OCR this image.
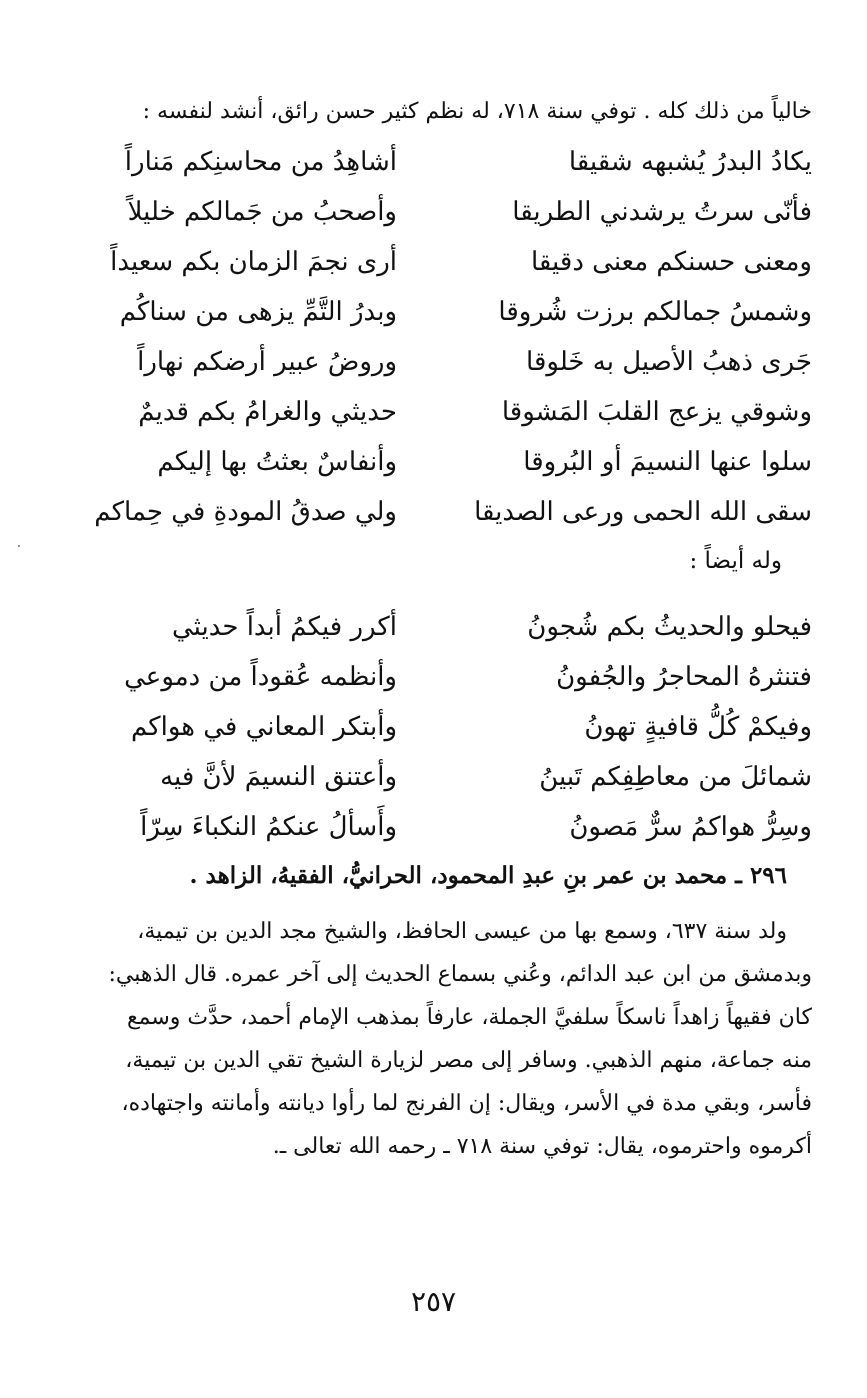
خالياً من ذلك كله . توفي سنة ٧١٨، له نظم كثير حسن رائق، أنشد لنفسه :
أشاهِدُ من محاسنِكم مَناراً	يكادُ البدرُ يُشبهه شقيقا
وأصحبُ من جَمالكم خليلاً	فأنّى سرتُ يرشدني الطريقا
أرى نجمَ الزمان بكم سعيداً	ومعنى حسنكم معنى دقيقا
وبدرُ التَّمِّ يزهى من سناكُم	وشمسُ جمالكم برزت شُروقا
وروضُ عبير أرضكم نهاراً	جَرى ذهبُ الأصيل به خَلوقا
حديثي والغرامُ بكم قديمٌ	وشوقي يزعج القلبَ المَشوقا
وأنفاسٌ بعثتُ بها إليكم	سلوا عنها النسيمَ أو البُروقا
ولي صدقُ المودةِ في حِماكم	سقى الله الحمى ورعى الصديقا
وله أيضاً :
أكرر فيكمُ أبداً حديثي	فيحلو والحديثُ بكم شُجونُ
وأنظمه عُقوداً من دموعي	فتنثرهُ المحاجرُ والجُفونُ
وأبتكر المعاني في هواكم	وفيكمْ كُلُّ قافيةٍ تهونُ
وأعتنق النسيمَ لأنَّ فيه	شمائلَ من معاطِفِكم تَبينُ
وأَسألُ عنكمُ النكباءَ سِرّاً	وسِرُّ هواكمُ سرٌّ مَصونُ
٢٩٦ ـ محمد بن عمر بنِ عبدِ المحمود، الحرانيُّ، الفقيهُ، الزاهد .
ولد سنة ٦٣٧، وسمع بها من عيسى الحافظ، والشيخ مجد الدين بن تيمية،
وبدمشق من ابن عبد الدائم، وعُني بسماع الحديث إلى آخر عمره. قال الذهبي:
كان فقيهاً زاهداً ناسكاً سلفيَّ الجملة، عارفاً بمذهب الإمام أحمد، حدَّث وسمع
منه جماعة، منهم الذهبي. وسافر إلى مصر لزيارة الشيخ تقي الدين بن تيمية،
فأسر، وبقي مدة في الأسر، ويقال: إن الفرنج لما رأوا ديانته وأمانته واجتهاده،
أكرموه واحترموه، يقال: توفي سنة ٧١٨ ـ رحمه الله تعالى ـ.
٢٥٧
